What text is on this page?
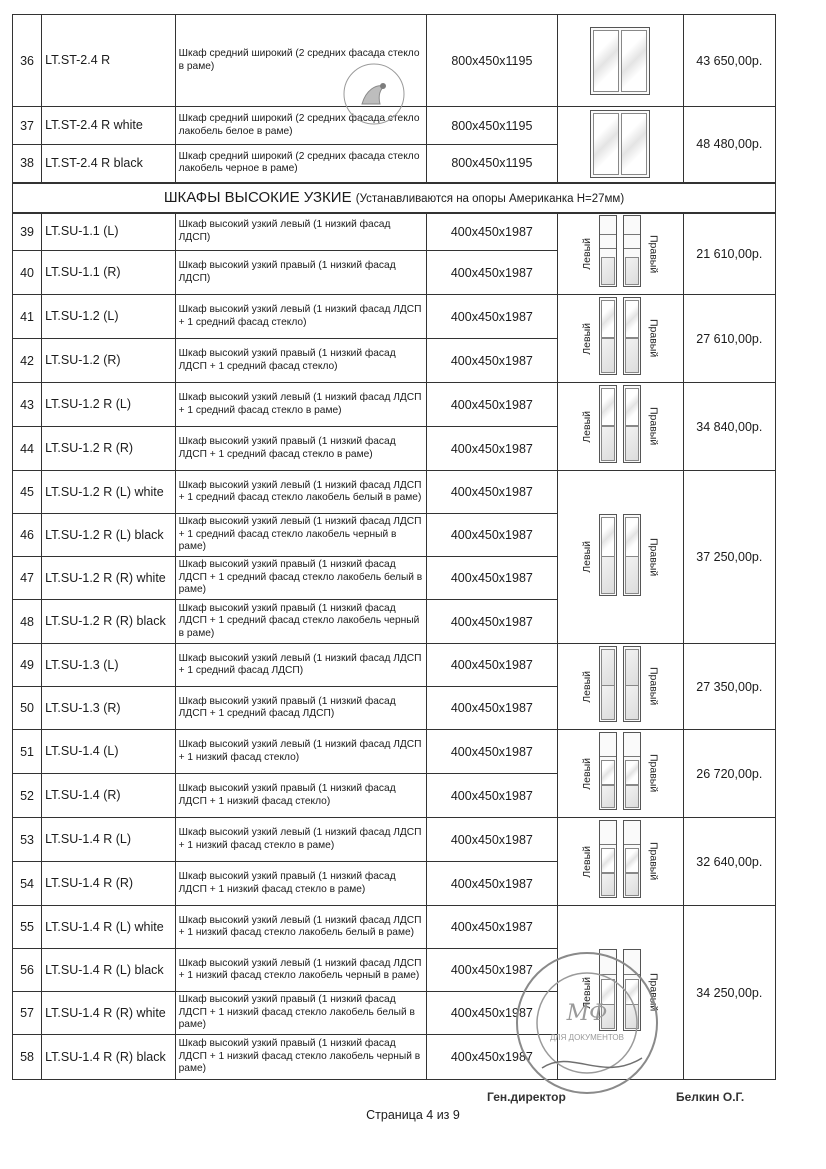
36	LT.ST-2.4 R	Шкаф средний широкий (2 средних фасада стекло в раме)	800x450x1195		43 650,00р.
37	LT.ST-2.4 R white	Шкаф средний широкий (2 средних фасада стекло лакобель белое в раме)	800x450x1195		48 480,00р.
38	LT.ST-2.4 R black	Шкаф средний широкий (2 средних фасада стекло лакобель черное в раме)	800x450x1195		
ШКАФЫ ВЫСОКИЕ УЗКИЕ (Устанавливаются на опоры Американка Н=27мм)					
39	LT.SU-1.1 (L)	Шкаф высокий узкий левый (1 низкий фасад ЛДСП)	400x450x1987	Левый Правый	21 610,00р.
40	LT.SU-1.1 (R)	Шкаф высокий узкий правый (1 низкий фасад ЛДСП)	400x450x1987		
41	LT.SU-1.2 (L)	Шкаф высокий узкий левый (1 низкий фасад ЛДСП + 1 средний фасад стекло)	400x450x1987	Левый Правый	27 610,00р.
42	LT.SU-1.2 (R)	Шкаф высокий узкий правый (1 низкий фасад ЛДСП + 1 средний фасад стекло)	400x450x1987		
43	LT.SU-1.2 R (L)	Шкаф высокий узкий левый (1 низкий фасад ЛДСП + 1 средний фасад стекло в раме)	400x450x1987	Левый Правый	34 840,00р.
44	LT.SU-1.2 R (R)	Шкаф высокий узкий правый (1 низкий фасад ЛДСП + 1 средний фасад стекло в раме)	400x450x1987		
45	LT.SU-1.2 R (L) white	Шкаф высокий узкий левый (1 низкий фасад ЛДСП + 1 средний фасад стекло лакобель белый в раме)	400x450x1987	Левый Правый	37 250,00р.
46	LT.SU-1.2 R (L) black	Шкаф высокий узкий левый (1 низкий фасад ЛДСП + 1 средний фасад стекло лакобель черный в раме)	400x450x1987		
47	LT.SU-1.2 R (R) white	Шкаф высокий узкий правый (1 низкий фасад ЛДСП + 1 средний фасад стекло лакобель белый в раме)	400x450x1987		
48	LT.SU-1.2 R (R) black	Шкаф высокий узкий правый (1 низкий фасад ЛДСП + 1 средний фасад стекло лакобель черный в раме)	400x450x1987		
49	LT.SU-1.3 (L)	Шкаф высокий узкий левый (1 низкий фасад ЛДСП + 1 средний фасад ЛДСП)	400x450x1987	Левый Правый	27 350,00р.
50	LT.SU-1.3 (R)	Шкаф высокий узкий правый (1 низкий фасад ЛДСП + 1 средний фасад ЛДСП)	400x450x1987		
51	LT.SU-1.4 (L)	Шкаф высокий узкий левый (1 низкий фасад ЛДСП + 1 низкий фасад стекло)	400x450x1987	Левый Правый	26 720,00р.
52	LT.SU-1.4 (R)	Шкаф высокий узкий правый (1 низкий фасад ЛДСП + 1 низкий фасад стекло)	400x450x1987		
53	LT.SU-1.4 R (L)	Шкаф высокий узкий левый (1 низкий фасад ЛДСП + 1 низкий фасад стекло в раме)	400x450x1987	Левый Правый	32 640,00р.
54	LT.SU-1.4 R (R)	Шкаф высокий узкий правый (1 низкий фасад ЛДСП + 1 низкий фасад стекло в раме)	400x450x1987		
55	LT.SU-1.4 R (L) white	Шкаф высокий узкий левый (1 низкий фасад ЛДСП + 1 низкий фасад стекло лакобель белый в раме)	400x450x1987	Левый Правый	34 250,00р.
56	LT.SU-1.4 R (L) black	Шкаф высокий узкий левый (1 низкий фасад ЛДСП + 1 низкий фасад стекло лакобель черный в раме)	400x450x1987		
57	LT.SU-1.4 R (R) white	Шкаф высокий узкий правый (1 низкий фасад ЛДСП + 1 низкий фасад стекло лакобель белый в раме)	400x450x1987		
58	LT.SU-1.4 R (R) black	Шкаф высокий узкий правый (1 низкий фасад ЛДСП + 1 низкий фасад стекло лакобель черный в раме)	400x450x1987		
МФ
ДЛЯ ДОКУМЕНТОВ
Ген.директор	Белкин О.Г.
Страница 4 из 9
